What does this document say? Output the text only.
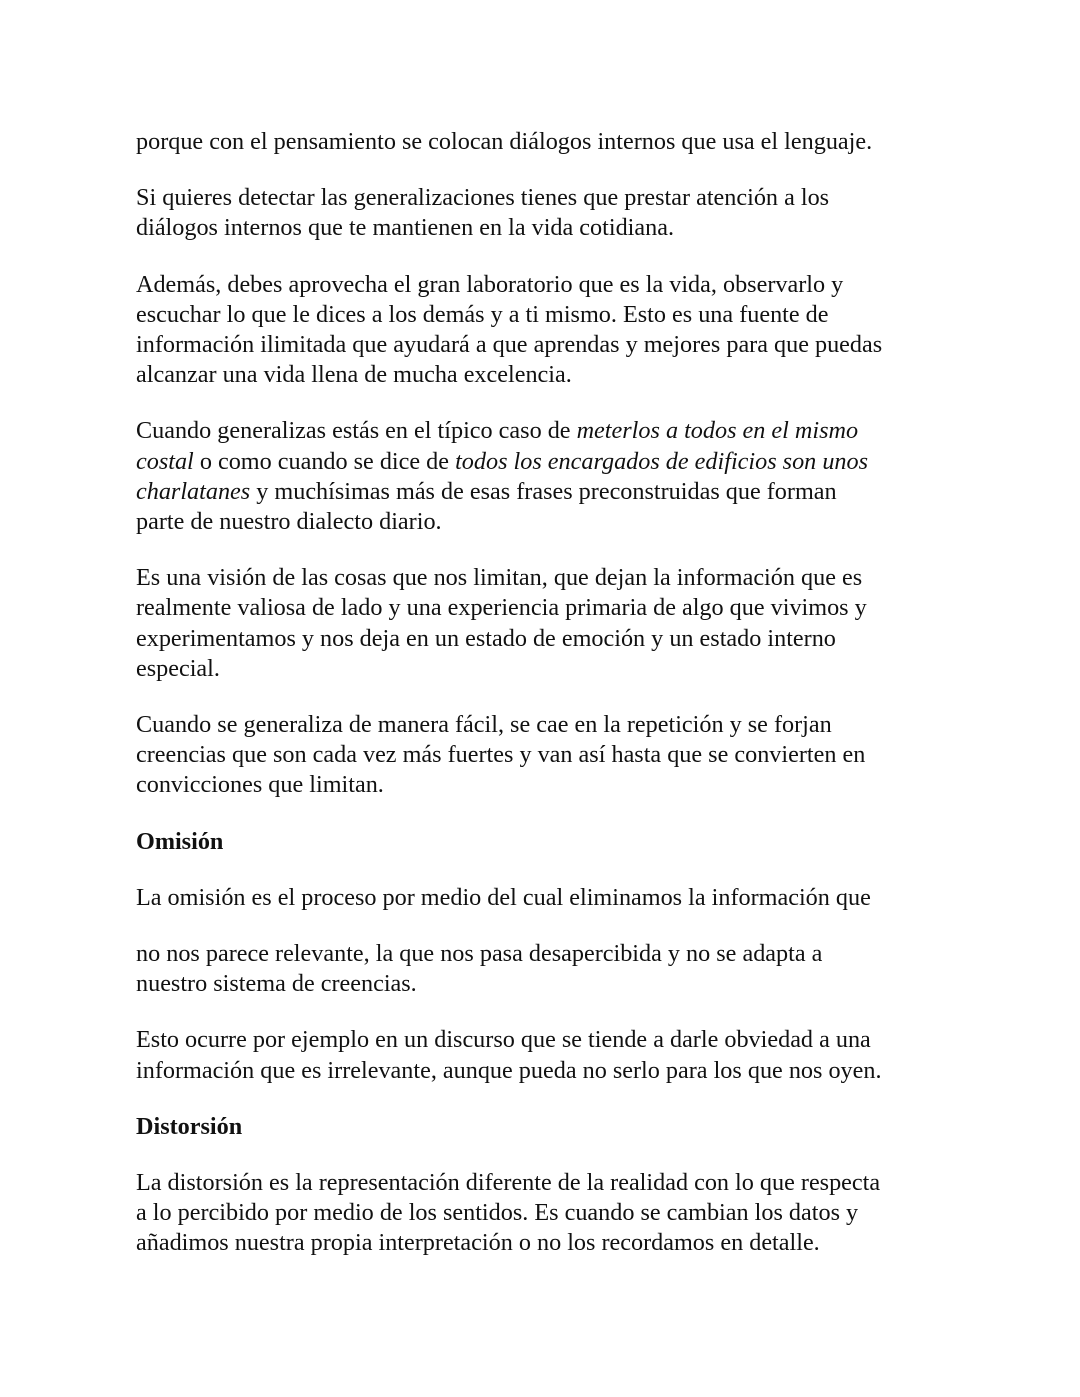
porque con el pensamiento se colocan diálogos internos que usa el lenguaje.

Si quieres detectar las generalizaciones tienes que prestar atención a los
diálogos internos que te mantienen en la vida cotidiana.

Además, debes aprovecha el gran laboratorio que es la vida, observarlo y
escuchar lo que le dices a los demás y a ti mismo. Esto es una fuente de
información ilimitada que ayudará a que aprendas y mejores para que puedas
alcanzar una vida llena de mucha excelencia.

Cuando generalizas estás en el típico caso de meterlos a todos en el mismo
costal o como cuando se dice de todos los encargados de edificios son unos
charlatanes y muchísimas más de esas frases preconstruidas que forman
parte de nuestro dialecto diario.

Es una visión de las cosas que nos limitan, que dejan la información que es
realmente valiosa de lado y una experiencia primaria de algo que vivimos y
experimentamos y nos deja en un estado de emoción y un estado interno
especial.

Cuando se generaliza de manera fácil, se cae en la repetición y se forjan
creencias que son cada vez más fuertes y van así hasta que se convierten en
convicciones que limitan.

Omisión

La omisión es el proceso por medio del cual eliminamos la información que

no nos parece relevante, la que nos pasa desapercibida y no se adapta a
nuestro sistema de creencias.

Esto ocurre por ejemplo en un discurso que se tiende a darle obviedad a una
información que es irrelevante, aunque pueda no serlo para los que nos oyen.

Distorsión

La distorsión es la representación diferente de la realidad con lo que respecta
a lo percibido por medio de los sentidos. Es cuando se cambian los datos y
añadimos nuestra propia interpretación o no los recordamos en detalle.
